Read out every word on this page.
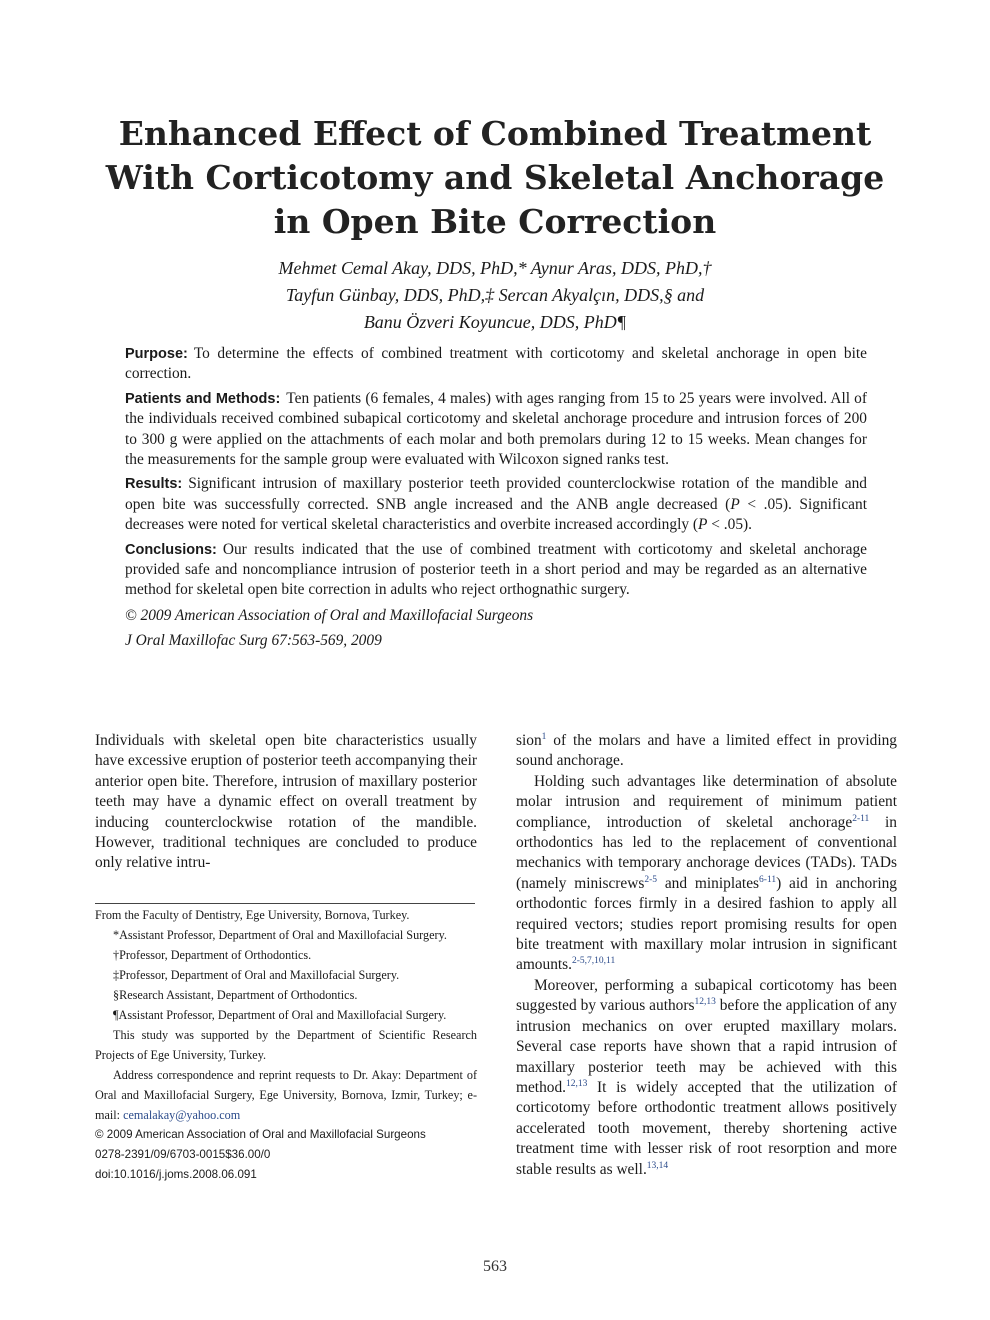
Enhanced Effect of Combined Treatment
With Corticotomy and Skeletal Anchorage
in Open Bite Correction
Mehmet Cemal Akay, DDS, PhD,* Aynur Aras, DDS, PhD,†
Tayfun Günbay, DDS, PhD,‡ Sercan Akyalçın, DDS,§ and
Banu Özveri Koyuncue, DDS, PhD¶

Purpose: To determine the effects of combined treatment with corticotomy and skeletal anchorage in open bite correction.

Patients and Methods: Ten patients (6 females, 4 males) with ages ranging from 15 to 25 years were involved. All of the individuals received combined subapical corticotomy and skeletal anchorage procedure and intrusion forces of 200 to 300 g were applied on the attachments of each molar and both premolars during 12 to 15 weeks. Mean changes for the measurements for the sample group were evaluated with Wilcoxon signed ranks test.

Results: Significant intrusion of maxillary posterior teeth provided counterclockwise rotation of the mandible and open bite was successfully corrected. SNB angle increased and the ANB angle decreased (P < .05). Significant decreases were noted for vertical skeletal characteristics and overbite increased accordingly (P < .05).

Conclusions: Our results indicated that the use of combined treatment with corticotomy and skeletal anchorage provided safe and noncompliance intrusion of posterior teeth in a short period and may be regarded as an alternative method for skeletal open bite correction in adults who reject orthognathic surgery.

© 2009 American Association of Oral and Maxillofacial Surgeons

J Oral Maxillofac Surg 67:563-569, 2009

Individuals with skeletal open bite characteristics usually have excessive eruption of posterior teeth accompanying their anterior open bite. Therefore, intrusion of maxillary posterior teeth may have a dynamic effect on overall treatment by inducing counterclockwise rotation of the mandible. However, traditional techniques are concluded to produce only relative intru-

From the Faculty of Dentistry, Ege University, Bornova, Turkey.

*Assistant Professor, Department of Oral and Maxillofacial Surgery.

†Professor, Department of Orthodontics.

‡Professor, Department of Oral and Maxillofacial Surgery.

§Research Assistant, Department of Orthodontics.

¶Assistant Professor, Department of Oral and Maxillofacial Surgery.

This study was supported by the Department of Scientific Research Projects of Ege University, Turkey.

Address correspondence and reprint requests to Dr. Akay: Department of Oral and Maxillofacial Surgery, Ege University, Bornova, Izmir, Turkey; e-mail: cemalakay@yahoo.com

© 2009 American Association of Oral and Maxillofacial Surgeons

0278-2391/09/6703-0015$36.00/0

doi:10.1016/j.joms.2008.06.091

sion$^1$ of the molars and have a limited effect in providing sound anchorage.

Holding such advantages like determination of absolute molar intrusion and requirement of minimum patient compliance, introduction of skeletal anchorage$^{2-11}$ in orthodontics has led to the replacement of conventional mechanics with temporary anchorage devices (TADs). TADs (namely miniscrews$^{2-5}$ and miniplates$^{6-11}$) aid in anchoring orthodontic forces firmly in a desired fashion to apply all required vectors; studies report promising results for open bite treatment with maxillary molar intrusion in significant amounts.$^{2-5,7,10,11}$

Moreover, performing a subapical corticotomy has been suggested by various authors$^{12,13}$ before the application of any intrusion mechanics on over erupted maxillary molars. Several case reports have shown that a rapid intrusion of maxillary posterior teeth may be achieved with this method.$^{12,13}$ It is widely accepted that the utilization of corticotomy before orthodontic treatment allows positively accelerated tooth movement, thereby shortening active treatment time with lesser risk of root resorption and more stable results as well.$^{13,14}$

563
